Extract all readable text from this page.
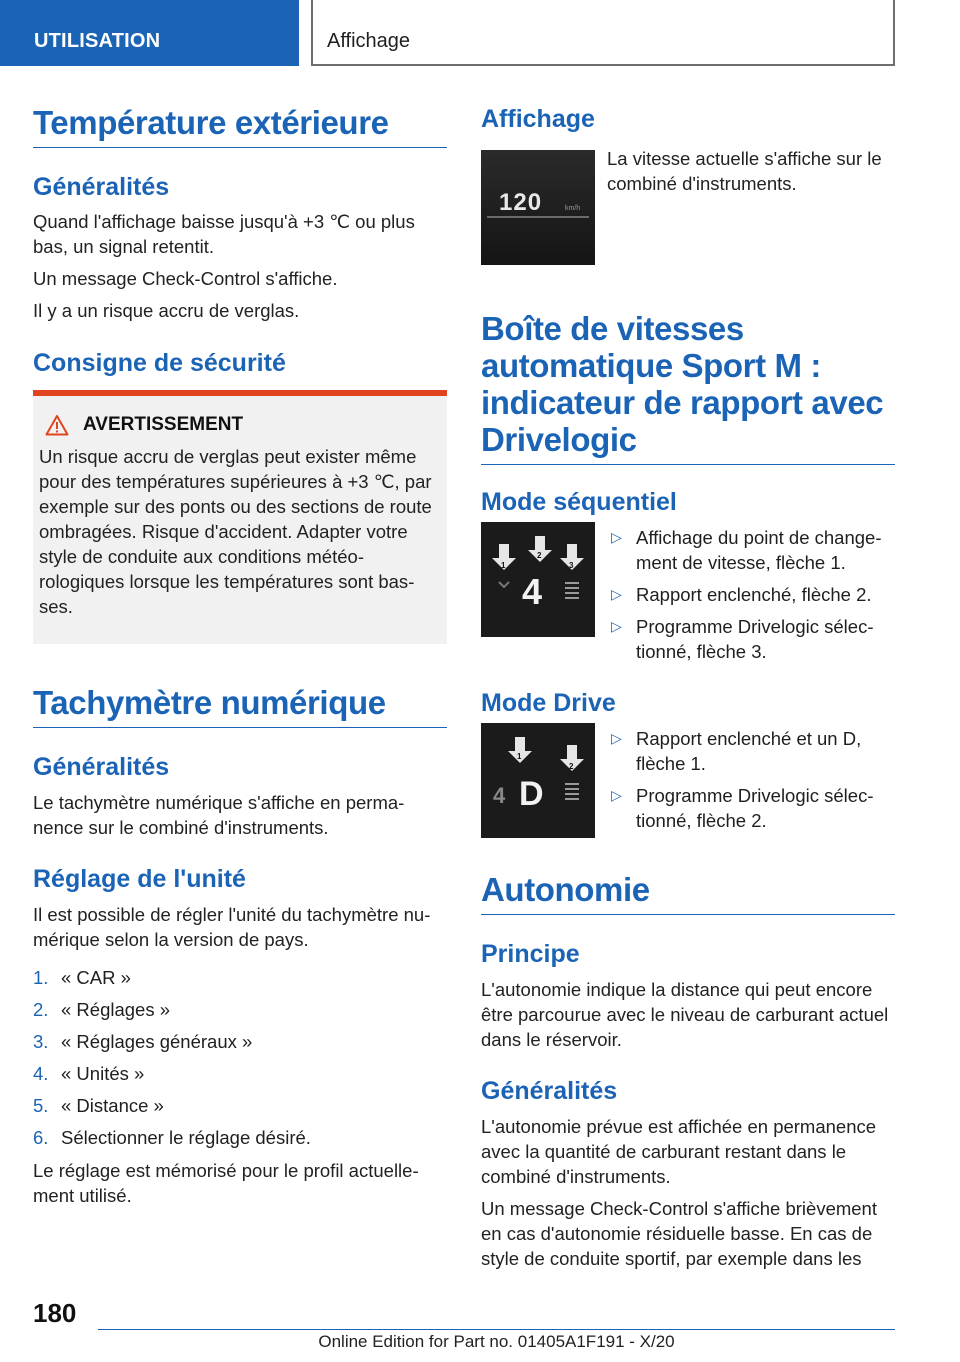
UTILISATION	Affichage
Température extérieure
Généralités
Quand l'affichage baisse jusqu'à +3 ℃ ou plus bas, un signal retentit.
Un message Check-Control s'affiche.
Il y a un risque accru de verglas.
Consigne de sécurité
AVERTISSEMENT
Un risque accru de verglas peut exister même pour des températures supérieures à +3 ℃, par exemple sur des ponts ou des sections de route ombragées. Risque d'accident. Adapter votre style de conduite aux conditions météorologiques lorsque les températures sont basses.
Tachymètre numérique
Généralités
Le tachymètre numérique s'affiche en permanence sur le combiné d'instruments.
Réglage de l'unité
Il est possible de régler l'unité du tachymètre numérique selon la version de pays.
1. « CAR »
2. « Réglages »
3. « Réglages généraux »
4. « Unités »
5. « Distance »
6. Sélectionner le réglage désiré.
Le réglage est mémorisé pour le profil actuellement utilisé.
Affichage
120	km/h
La vitesse actuelle s'affiche sur le combiné d'instruments.
Boîte de vitesses automatique Sport M : indicateur de rapport avec Drivelogic
Mode séquentiel
1
2
3
4
▷ Affichage du point de changement de vitesse, flèche 1.
▷ Rapport enclenché, flèche 2.
▷ Programme Drivelogic sélectionné, flèche 3.
Mode Drive
1
2
4 D
▷ Rapport enclenché et un D, flèche 1.
▷ Programme Drivelogic sélectionné, flèche 2.
Autonomie
Principe
L'autonomie indique la distance qui peut encore être parcourue avec le niveau de carburant actuel dans le réservoir.
Généralités
L'autonomie prévue est affichée en permanence avec la quantité de carburant restant dans le combiné d'instruments.
Un message Check-Control s'affiche brièvement en cas d'autonomie résiduelle basse. En cas de style de conduite sportif, par exemple dans les
180
Online Edition for Part no. 01405A1F191 - X/20
